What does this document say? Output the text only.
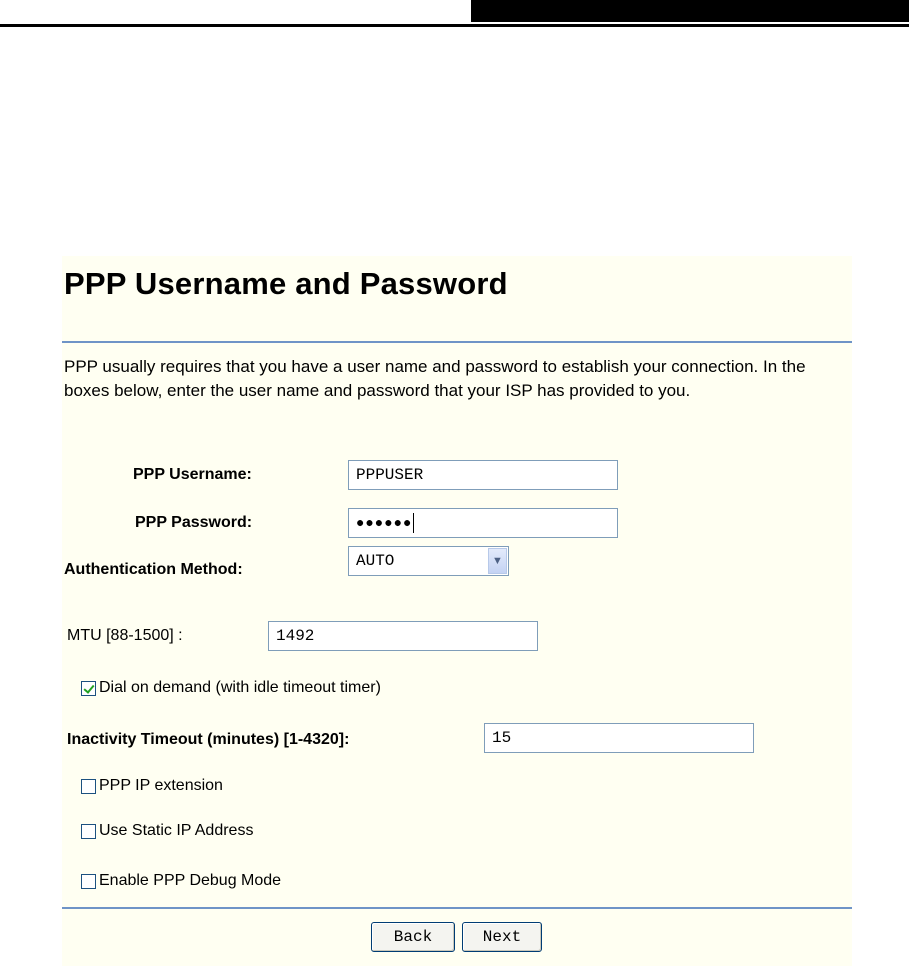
PPP Username and Password

PPP usually requires that you have a user name and password to establish your connection. In the boxes below, enter the user name and password that your ISP has provided to you.

PPP Username:	PPPUSER
PPP Password:	●●●●●●
Authentication Method:	AUTO	▼
MTU [88-1500] :	1492
Dial on demand (with idle timeout timer)
Inactivity Timeout (minutes) [1-4320]:	15
PPP IP extension
Use Static IP Address
Enable PPP Debug Mode
Back	Next
